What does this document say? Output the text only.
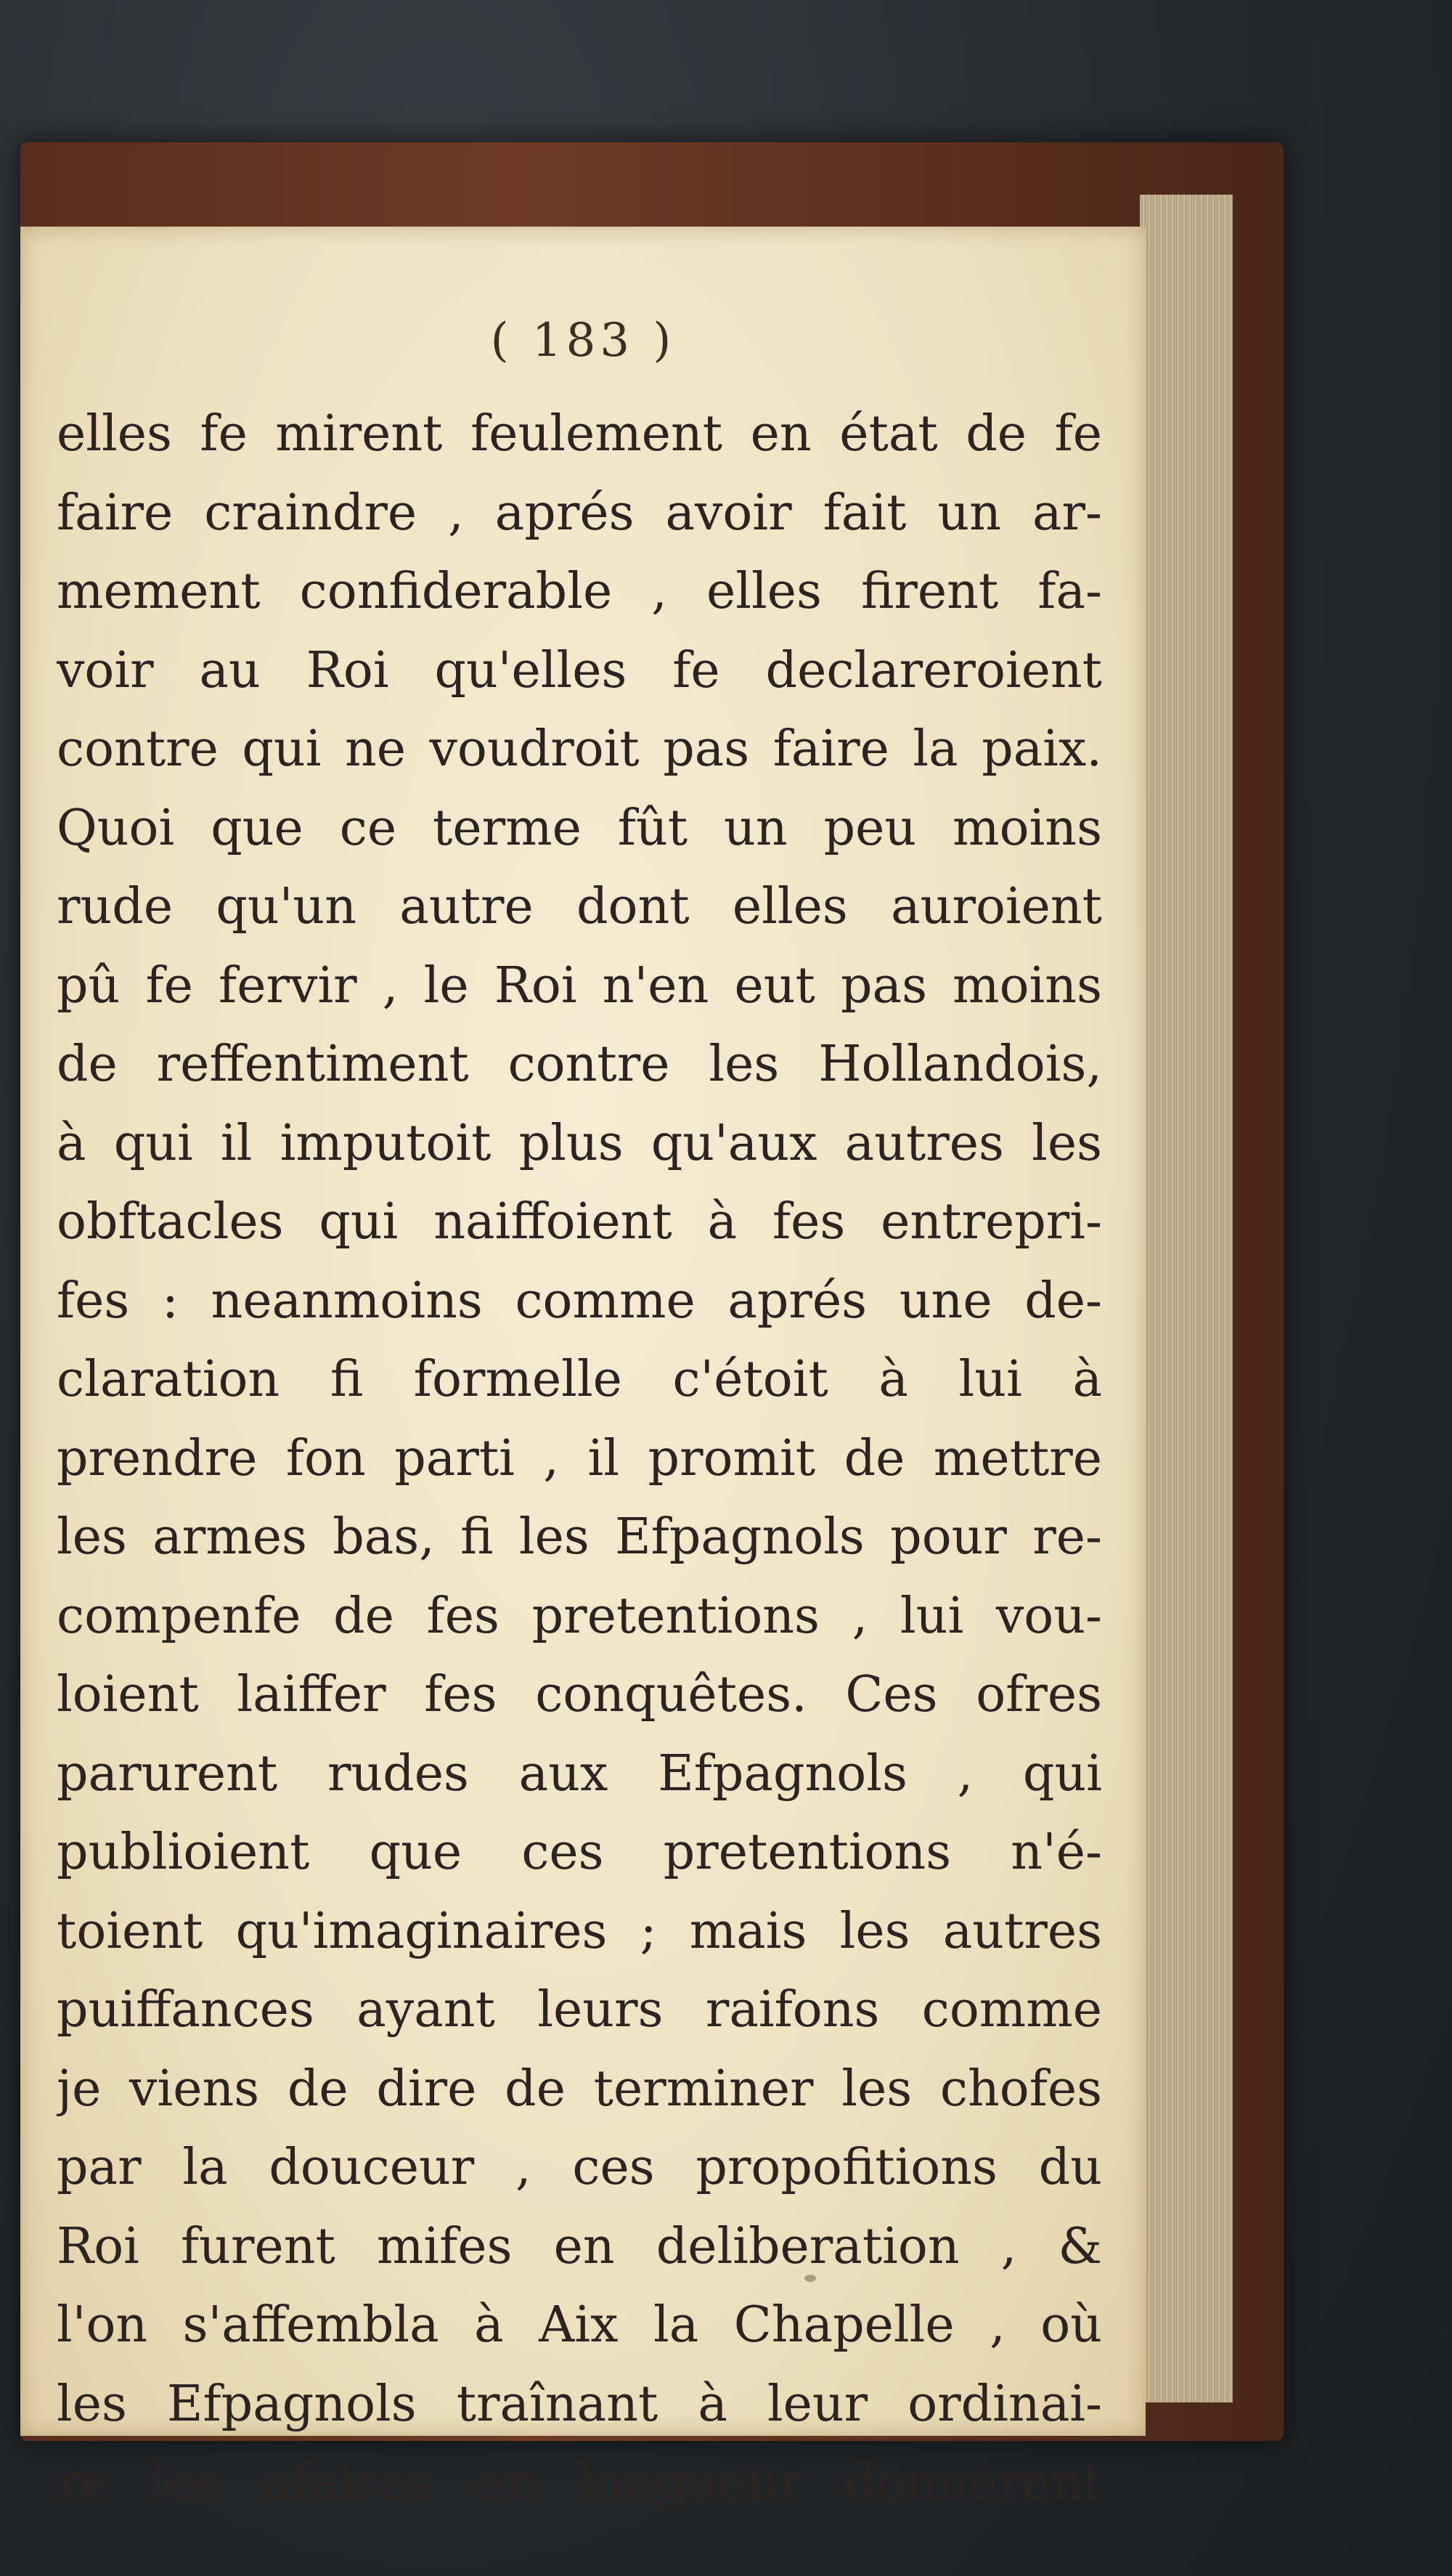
( 183 )
elles fe mirent feulement en état de fe
faire craindre , aprés avoir fait un ar-
mement confiderable , elles firent fa-
voir au Roi qu'elles fe declareroient
contre qui ne voudroit pas faire la paix.
Quoi que ce terme fût un peu moins
rude qu'un autre dont elles auroient
pû fe fervir , le Roi n'en eut pas moins
de reffentiment contre les Hollandois,
à qui il imputoit plus qu'aux autres les
obftacles qui naiffoient à fes entrepri-
fes : neanmoins comme aprés une de-
claration fi formelle c'étoit à lui à
prendre fon parti , il promit de mettre
les armes bas, fi les Efpagnols pour re-
compenfe de fes pretentions , lui vou-
loient laiffer fes conquêtes. Ces ofres
parurent rudes aux Efpagnols , qui
publioient que ces pretentions n'é-
toient qu'imaginaires ; mais les autres
puiffances ayant leurs raifons comme
je viens de dire de terminer les chofes
par la douceur , ces propofitions du
Roi furent mifes en deliberation , &
l'on s'affembla à Aix la Chapelle , où
les Efpagnols traînant à leur ordinai-
re les afaires en longueur donnerent
